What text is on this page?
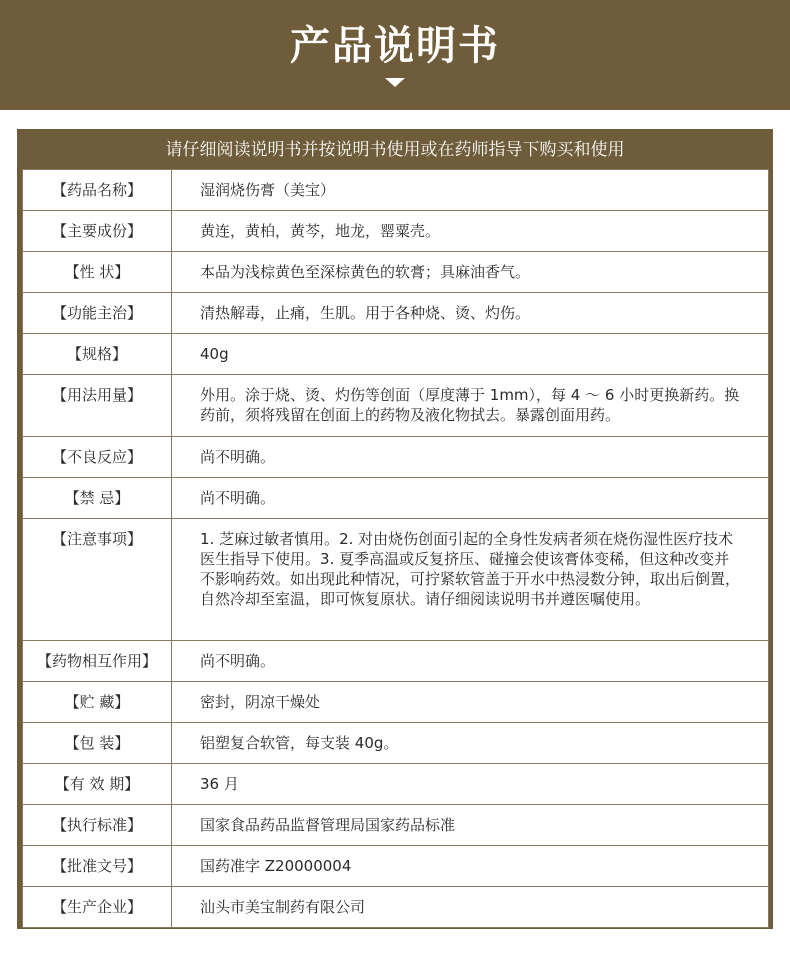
产品说明书
请仔细阅读说明书并按说明书使用或在药师指导下购买和使用
【药品名称】	湿润烧伤膏（美宝）
【主要成份】	黄连，黄柏，黄芩，地龙，罂粟壳。
【性 状】	本品为浅棕黄色至深棕黄色的软膏；具麻油香气。
【功能主治】	清热解毒，止痛，生肌。用于各种烧、烫、灼伤。
【规格】	40g
【用法用量】	外用。涂于烧、烫、灼伤等创面（厚度薄于 1mm），每 4 ～ 6 小时更换新药。换药前，须将残留在创面上的药物及液化物拭去。暴露创面用药。
【不良反应】	尚不明确。
【禁 忌】	尚不明确。
【注意事项】	1. 芝麻过敏者慎用。2. 对由烧伤创面引起的全身性发病者须在烧伤湿性医疗技术医生指导下使用。3. 夏季高温或反复挤压、碰撞会使该膏体变稀，但这种改变并不影响药效。如出现此种情况，可拧紧软管盖于开水中热浸数分钟，取出后倒置，自然冷却至室温，即可恢复原状。请仔细阅读说明书并遵医嘱使用。
【药物相互作用】	尚不明确。
【贮 藏】	密封，阴凉干燥处
【包 装】	铝塑复合软管，每支装 40g。
【有 效 期】	36 月
【执行标准】	国家食品药品监督管理局国家药品标准
【批准文号】	国药准字 Z20000004
【生产企业】	汕头市美宝制药有限公司
